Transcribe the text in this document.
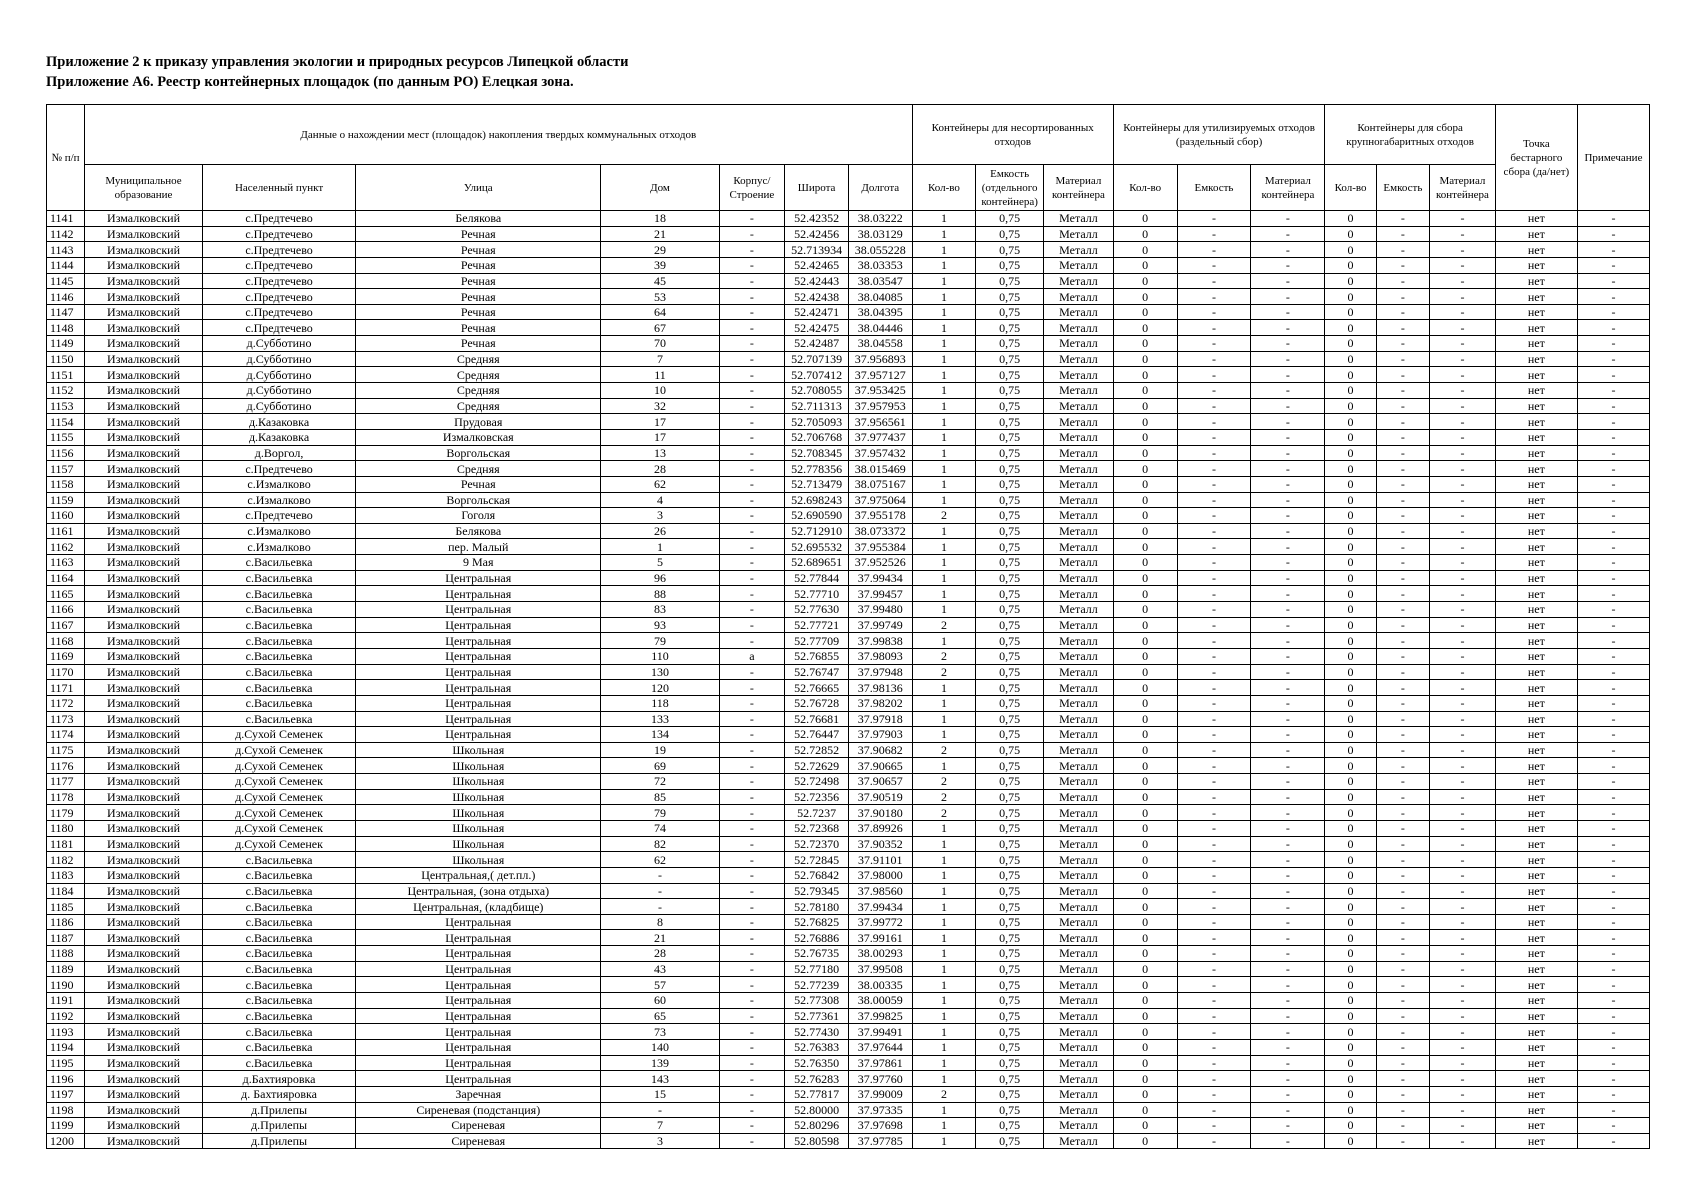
Приложение 2 к приказу управления экологии и природных ресурсов Липецкой области
Приложение А6. Реестр контейнерных площадок (по данным РО) Елецкая зона.
№ п/п	Данные о нахождении мест (площадок) накопления твердых коммунальных отходов							Контейнеры для несортированных отходов			Контейнеры для утилизируемых отходов (раздельный сбор)			Контейнеры для сбора крупногабаритных отходов			Точка бестарного сбора (да/нет)	Примечание
	Муниципальное образование	Населенный пункт	Улица	Дом	Корпус/ Строение	Широта	Долгота	Кол-во	Емкость (отдельного контейнера)	Материал контейнера	Кол-во	Емкость	Материал контейнера	Кол-во	Емкость	Материал контейнера		
1141	Измалковский	с.Предтечево	Белякова	18	-	52.42352	38.03222	1	0,75	Металл	0	-	-	0	-	-	нет	-
1142	Измалковский	с.Предтечево	Речная	21	-	52.42456	38.03129	1	0,75	Металл	0	-	-	0	-	-	нет	-
1143	Измалковский	с.Предтечево	Речная	29	-	52.713934	38.055228	1	0,75	Металл	0	-	-	0	-	-	нет	-
1144	Измалковский	с.Предтечево	Речная	39	-	52.42465	38.03353	1	0,75	Металл	0	-	-	0	-	-	нет	-
1145	Измалковский	с.Предтечево	Речная	45	-	52.42443	38.03547	1	0,75	Металл	0	-	-	0	-	-	нет	-
1146	Измалковский	с.Предтечево	Речная	53	-	52.42438	38.04085	1	0,75	Металл	0	-	-	0	-	-	нет	-
1147	Измалковский	с.Предтечево	Речная	64	-	52.42471	38.04395	1	0,75	Металл	0	-	-	0	-	-	нет	-
1148	Измалковский	с.Предтечево	Речная	67	-	52.42475	38.04446	1	0,75	Металл	0	-	-	0	-	-	нет	-
1149	Измалковский	д.Субботино	Речная	70	-	52.42487	38.04558	1	0,75	Металл	0	-	-	0	-	-	нет	-
1150	Измалковский	д.Субботино	Средняя	7	-	52.707139	37.956893	1	0,75	Металл	0	-	-	0	-	-	нет	-
1151	Измалковский	д.Субботино	Средняя	11	-	52.707412	37.957127	1	0,75	Металл	0	-	-	0	-	-	нет	-
1152	Измалковский	д.Субботино	Средняя	10	-	52.708055	37.953425	1	0,75	Металл	0	-	-	0	-	-	нет	-
1153	Измалковский	д.Субботино	Средняя	32	-	52.711313	37.957953	1	0,75	Металл	0	-	-	0	-	-	нет	-
1154	Измалковский	д.Казаковка	Прудовая	17	-	52.705093	37.956561	1	0,75	Металл	0	-	-	0	-	-	нет	-
1155	Измалковский	д.Казаковка	Измалковская	17	-	52.706768	37.977437	1	0,75	Металл	0	-	-	0	-	-	нет	-
1156	Измалковский	д.Воргол,	Воргольская	13	-	52.708345	37.957432	1	0,75	Металл	0	-	-	0	-	-	нет	-
1157	Измалковский	с.Предтечево	Средняя	28	-	52.778356	38.015469	1	0,75	Металл	0	-	-	0	-	-	нет	-
1158	Измалковский	с.Измалково	Речная	62	-	52.713479	38.075167	1	0,75	Металл	0	-	-	0	-	-	нет	-
1159	Измалковский	с.Измалково	Воргольская	4	-	52.698243	37.975064	1	0,75	Металл	0	-	-	0	-	-	нет	-
1160	Измалковский	с.Предтечево	Гоголя	3	-	52.690590	37.955178	2	0,75	Металл	0	-	-	0	-	-	нет	-
1161	Измалковский	с.Измалково	Белякова	26	-	52.712910	38.073372	1	0,75	Металл	0	-	-	0	-	-	нет	-
1162	Измалковский	с.Измалково	пер. Малый	1	-	52.695532	37.955384	1	0,75	Металл	0	-	-	0	-	-	нет	-
1163	Измалковский	с.Васильевка	9 Мая	5	-	52.689651	37.952526	1	0,75	Металл	0	-	-	0	-	-	нет	-
1164	Измалковский	с.Васильевка	Центральная	96	-	52.77844	37.99434	1	0,75	Металл	0	-	-	0	-	-	нет	-
1165	Измалковский	с.Васильевка	Центральная	88	-	52.77710	37.99457	1	0,75	Металл	0	-	-	0	-	-	нет	-
1166	Измалковский	с.Васильевка	Центральная	83	-	52.77630	37.99480	1	0,75	Металл	0	-	-	0	-	-	нет	-
1167	Измалковский	с.Васильевка	Центральная	93	-	52.77721	37.99749	2	0,75	Металл	0	-	-	0	-	-	нет	-
1168	Измалковский	с.Васильевка	Центральная	79	-	52.77709	37.99838	1	0,75	Металл	0	-	-	0	-	-	нет	-
1169	Измалковский	с.Васильевка	Центральная	110	а	52.76855	37.98093	2	0,75	Металл	0	-	-	0	-	-	нет	-
1170	Измалковский	с.Васильевка	Центральная	130	-	52.76747	37.97948	2	0,75	Металл	0	-	-	0	-	-	нет	-
1171	Измалковский	с.Васильевка	Центральная	120	-	52.76665	37.98136	1	0,75	Металл	0	-	-	0	-	-	нет	-
1172	Измалковский	с.Васильевка	Центральная	118	-	52.76728	37.98202	1	0,75	Металл	0	-	-	0	-	-	нет	-
1173	Измалковский	с.Васильевка	Центральная	133	-	52.76681	37.97918	1	0,75	Металл	0	-	-	0	-	-	нет	-
1174	Измалковский	д.Сухой Семенек	Центральная	134	-	52.76447	37.97903	1	0,75	Металл	0	-	-	0	-	-	нет	-
1175	Измалковский	д.Сухой Семенек	Школьная	19	-	52.72852	37.90682	2	0,75	Металл	0	-	-	0	-	-	нет	-
1176	Измалковский	д.Сухой Семенек	Школьная	69	-	52.72629	37.90665	1	0,75	Металл	0	-	-	0	-	-	нет	-
1177	Измалковский	д.Сухой Семенек	Школьная	72	-	52.72498	37.90657	2	0,75	Металл	0	-	-	0	-	-	нет	-
1178	Измалковский	д.Сухой Семенек	Школьная	85	-	52.72356	37.90519	2	0,75	Металл	0	-	-	0	-	-	нет	-
1179	Измалковский	д.Сухой Семенек	Школьная	79	-	52.7237	37.90180	2	0,75	Металл	0	-	-	0	-	-	нет	-
1180	Измалковский	д.Сухой Семенек	Школьная	74	-	52.72368	37.89926	1	0,75	Металл	0	-	-	0	-	-	нет	-
1181	Измалковский	д.Сухой Семенек	Школьная	82	-	52.72370	37.90352	1	0,75	Металл	0	-	-	0	-	-	нет	-
1182	Измалковский	с.Васильевка	Школьная	62	-	52.72845	37.91101	1	0,75	Металл	0	-	-	0	-	-	нет	-
1183	Измалковский	с.Васильевка	Центральная,( дет.пл.)	-	-	52.76842	37.98000	1	0,75	Металл	0	-	-	0	-	-	нет	-
1184	Измалковский	с.Васильевка	Центральная, (зона отдыха)	-	-	52.79345	37.98560	1	0,75	Металл	0	-	-	0	-	-	нет	-
1185	Измалковский	с.Васильевка	Центральная, (кладбище)	-	-	52.78180	37.99434	1	0,75	Металл	0	-	-	0	-	-	нет	-
1186	Измалковский	с.Васильевка	Центральная	8	-	52.76825	37.99772	1	0,75	Металл	0	-	-	0	-	-	нет	-
1187	Измалковский	с.Васильевка	Центральная	21	-	52.76886	37.99161	1	0,75	Металл	0	-	-	0	-	-	нет	-
1188	Измалковский	с.Васильевка	Центральная	28	-	52.76735	38.00293	1	0,75	Металл	0	-	-	0	-	-	нет	-
1189	Измалковский	с.Васильевка	Центральная	43	-	52.77180	37.99508	1	0,75	Металл	0	-	-	0	-	-	нет	-
1190	Измалковский	с.Васильевка	Центральная	57	-	52.77239	38.00335	1	0,75	Металл	0	-	-	0	-	-	нет	-
1191	Измалковский	с.Васильевка	Центральная	60	-	52.77308	38.00059	1	0,75	Металл	0	-	-	0	-	-	нет	-
1192	Измалковский	с.Васильевка	Центральная	65	-	52.77361	37.99825	1	0,75	Металл	0	-	-	0	-	-	нет	-
1193	Измалковский	с.Васильевка	Центральная	73	-	52.77430	37.99491	1	0,75	Металл	0	-	-	0	-	-	нет	-
1194	Измалковский	с.Васильевка	Центральная	140	-	52.76383	37.97644	1	0,75	Металл	0	-	-	0	-	-	нет	-
1195	Измалковский	с.Васильевка	Центральная	139	-	52.76350	37.97861	1	0,75	Металл	0	-	-	0	-	-	нет	-
1196	Измалковский	д.Бахтияровка	Центральная	143	-	52.76283	37.97760	1	0,75	Металл	0	-	-	0	-	-	нет	-
1197	Измалковский	д. Бахтияровка	Заречная	15	-	52.77817	37.99009	2	0,75	Металл	0	-	-	0	-	-	нет	-
1198	Измалковский	д.Прилепы	Сиреневая (подстанция)	-	-	52.80000	37.97335	1	0,75	Металл	0	-	-	0	-	-	нет	-
1199	Измалковский	д.Прилепы	Сиреневая	7	-	52.80296	37.97698	1	0,75	Металл	0	-	-	0	-	-	нет	-
1200	Измалковский	д.Прилепы	Сиреневая	3	-	52.80598	37.97785	1	0,75	Металл	0	-	-	0	-	-	нет	-
